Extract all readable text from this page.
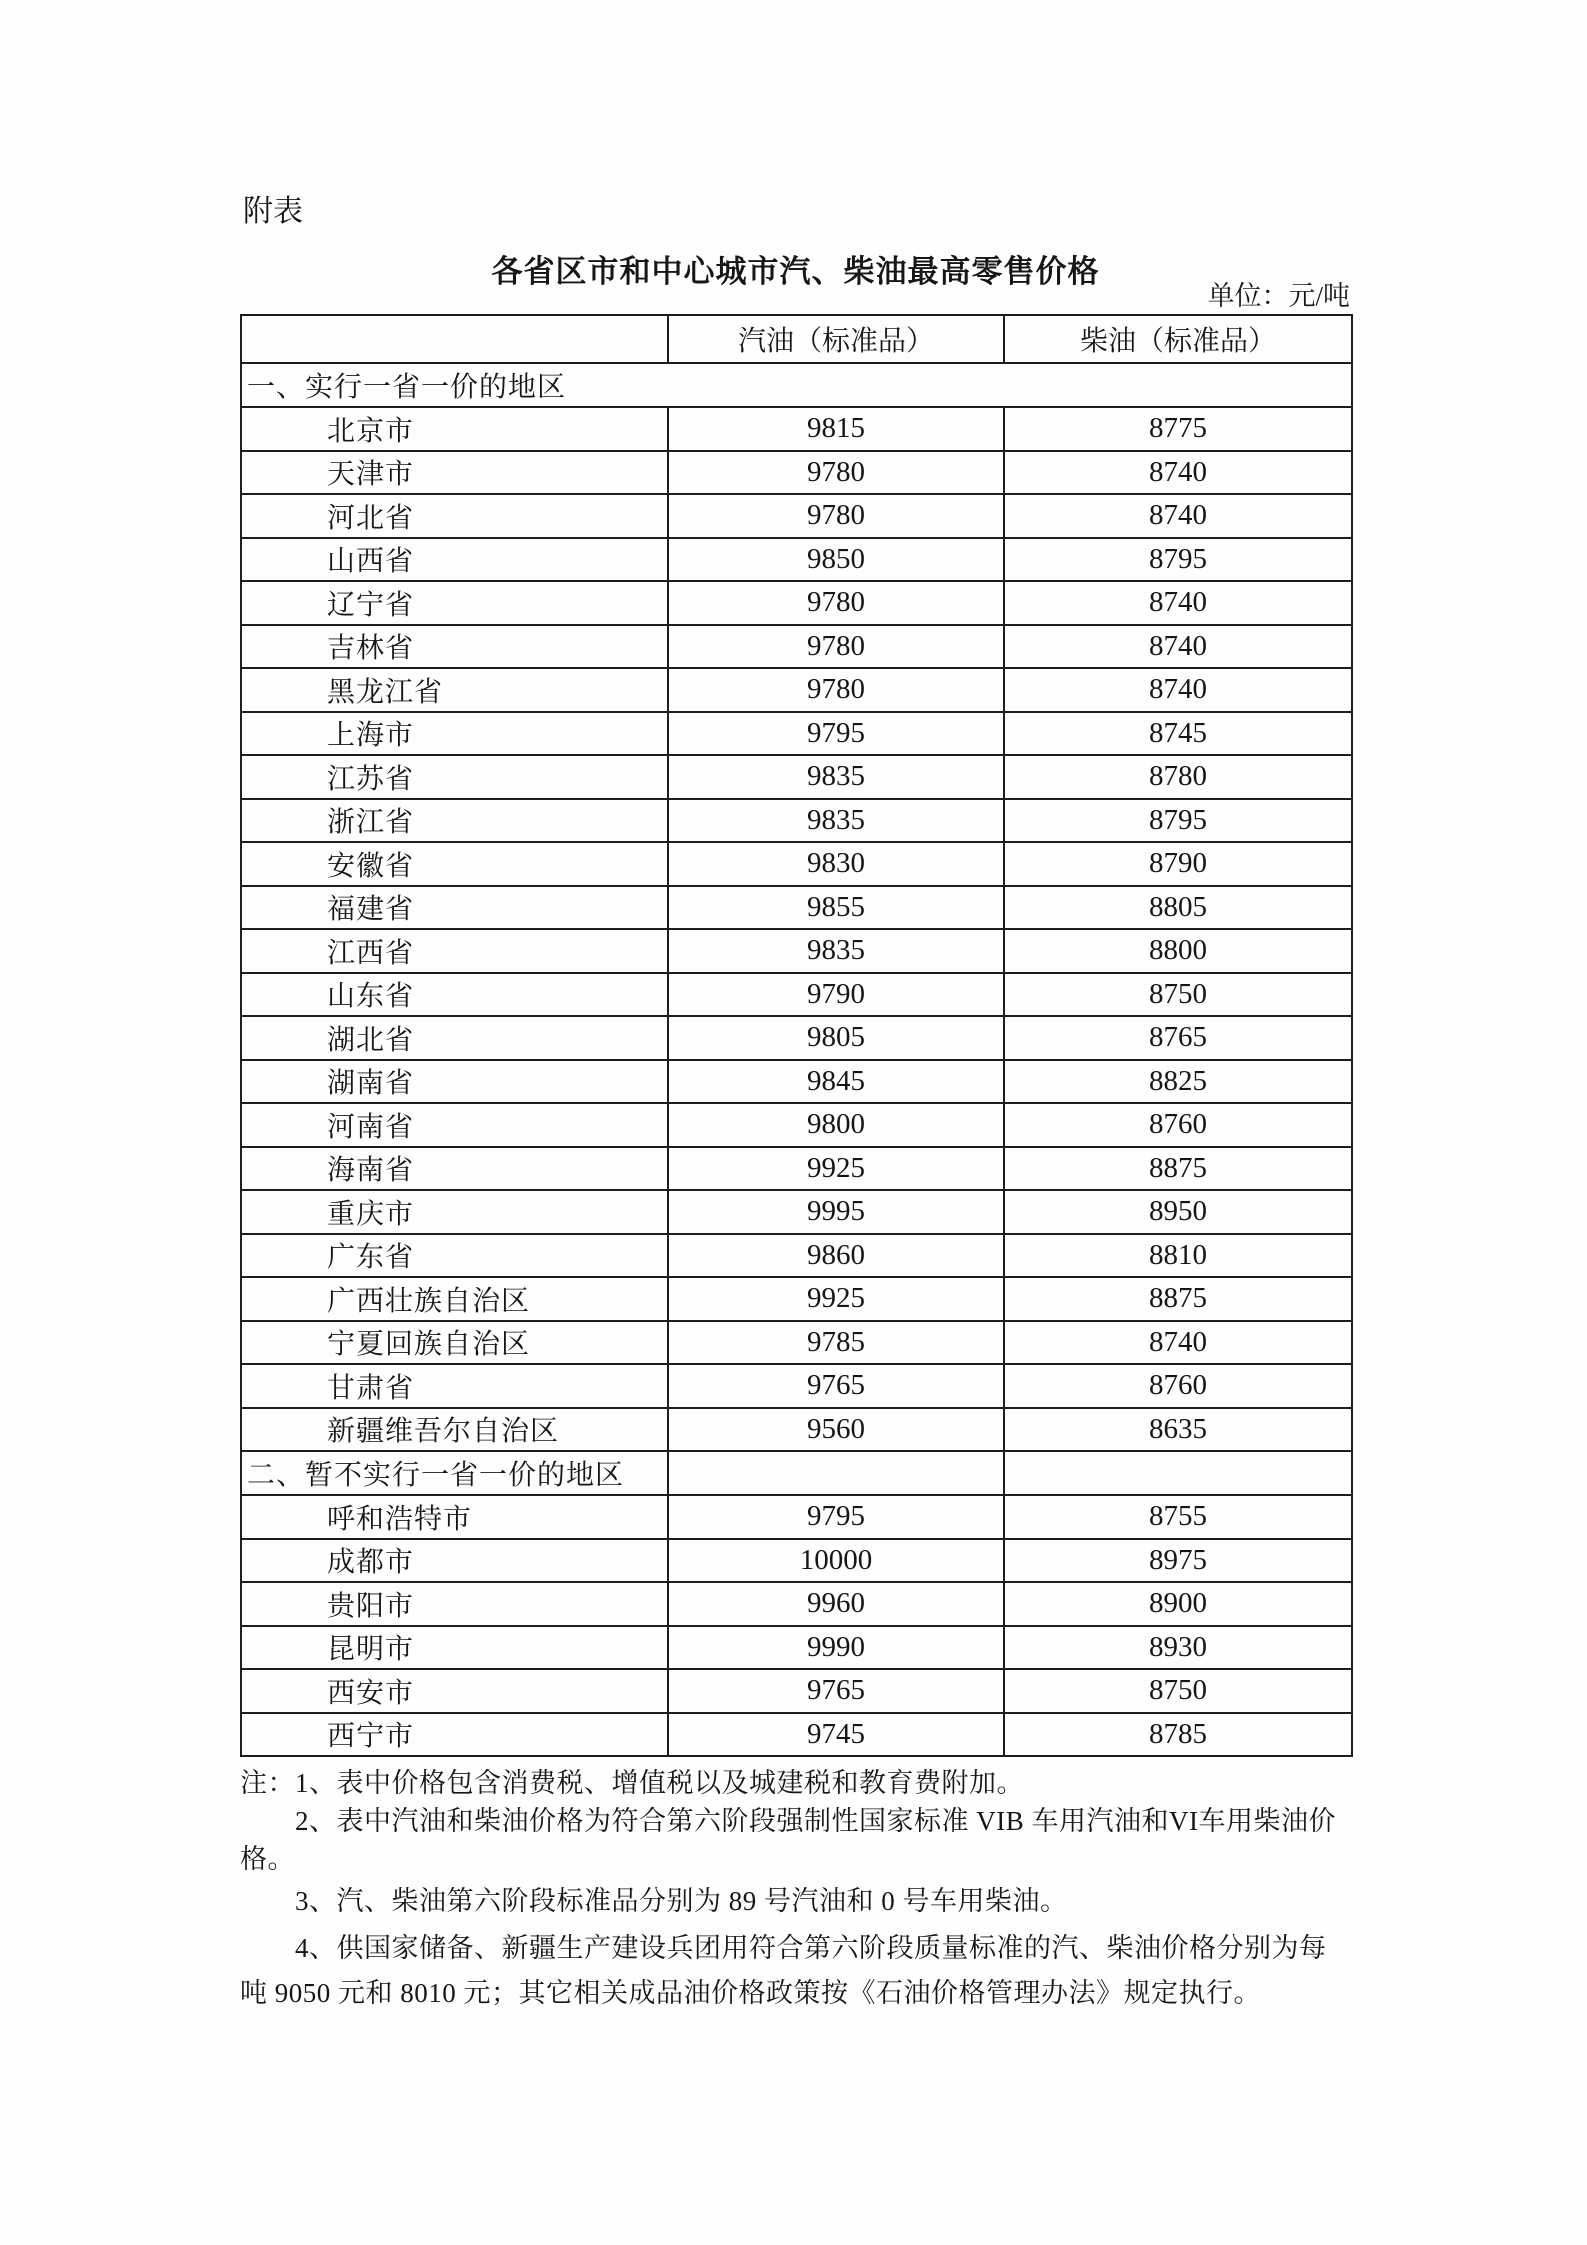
附表
各省区市和中心城市汽、柴油最高零售价格
单位：元/吨
	汽油（标准品）	柴油（标准品）
一、实行一省一价的地区		
北京市	9815	8775
天津市	9780	8740
河北省	9780	8740
山西省	9850	8795
辽宁省	9780	8740
吉林省	9780	8740
黑龙江省	9780	8740
上海市	9795	8745
江苏省	9835	8780
浙江省	9835	8795
安徽省	9830	8790
福建省	9855	8805
江西省	9835	8800
山东省	9790	8750
湖北省	9805	8765
湖南省	9845	8825
河南省	9800	8760
海南省	9925	8875
重庆市	9995	8950
广东省	9860	8810
广西壮族自治区	9925	8875
宁夏回族自治区	9785	8740
甘肃省	9765	8760
新疆维吾尔自治区	9560	8635
二、暂不实行一省一价的地区		
呼和浩特市	9795	8755
成都市	10000	8975
贵阳市	9960	8900
昆明市	9990	8930
西安市	9765	8750
西宁市	9745	8785
注：1、表中价格包含消费税、增值税以及城建税和教育费附加。
2、表中汽油和柴油价格为符合第六阶段强制性国家标准 VIB 车用汽油和VI车用柴油价
格。
3、汽、柴油第六阶段标准品分别为 89 号汽油和 0 号车用柴油。
4、供国家储备、新疆生产建设兵团用符合第六阶段质量标准的汽、柴油价格分别为每
吨 9050 元和 8010 元；其它相关成品油价格政策按《石油价格管理办法》规定执行。
